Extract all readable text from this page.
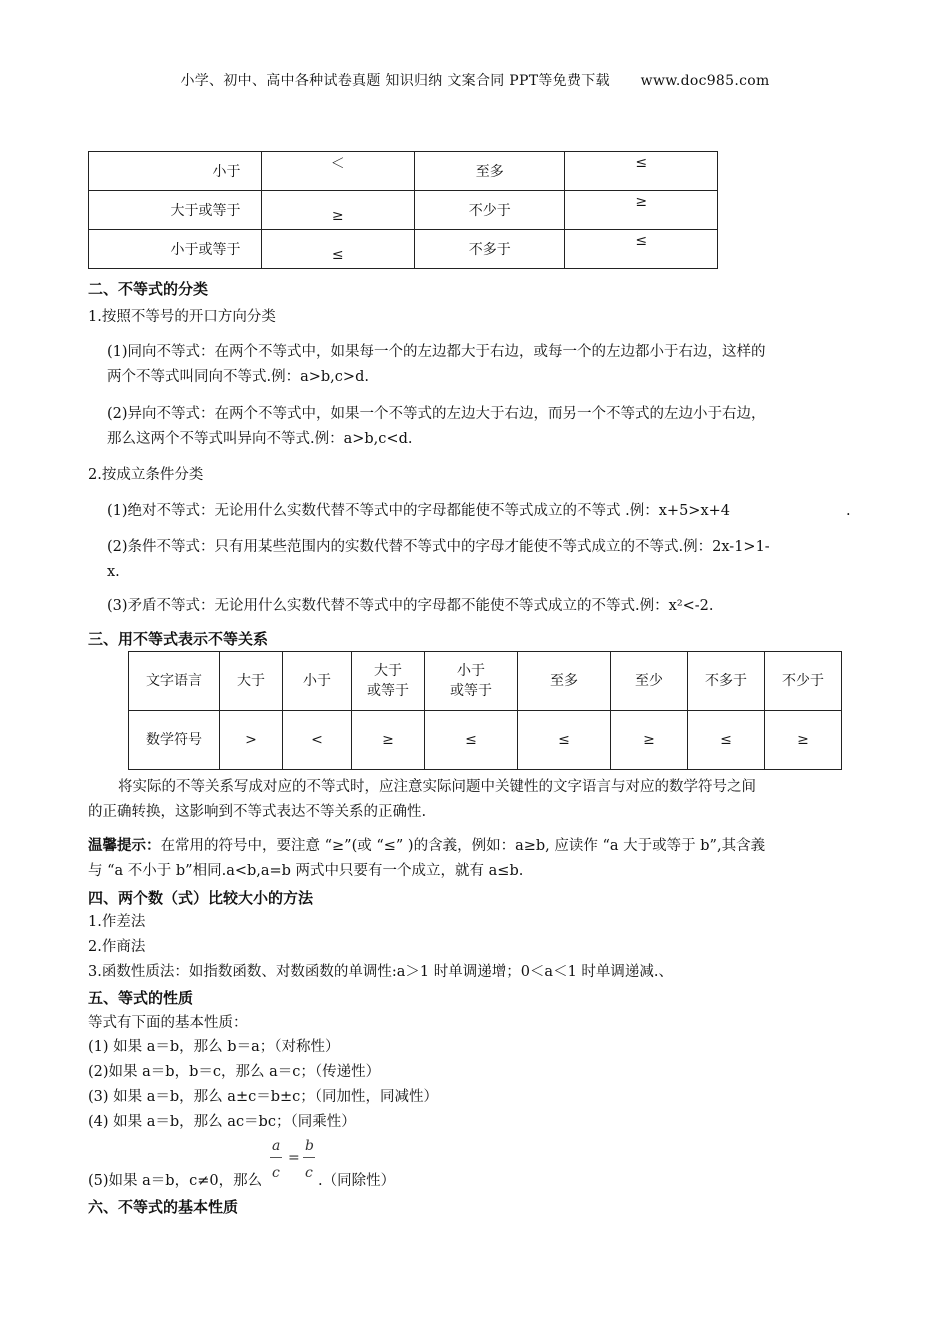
小学、初中、高中各种试卷真题 知识归纳 文案合同 PPT等免费下载 www.doc985.com
小于	＜	至多	≤
大于或等于	≥	不少于	≥
小于或等于	≤	不多于	≤
二、不等式的分类
1.按照不等号的开口方向分类
(1)同向不等式：在两个不等式中，如果每一个的左边都大于右边，或每一个的左边都小于右边，这样的
两个不等式叫同向不等式.例：a>b,c>d.
(2)异向不等式：在两个不等式中，如果一个不等式的左边大于右边，而另一个不等式的左边小于右边，
那么这两个不等式叫异向不等式.例：a>b,c<d.
2.按成立条件分类
(1)绝对不等式：无论用什么实数代替不等式中的字母都能使不等式成立的不等式 .例：x+5>x+4	.
(2)条件不等式：只有用某些范围内的实数代替不等式中的字母才能使不等式成立的不等式.例：2x-1>1-
x.
(3)矛盾不等式：无论用什么实数代替不等式中的字母都不能使不等式成立的不等式.例：x²<-2.
三、用不等式表示不等关系
文字语言	大于	小于	大于
或等于	小于
或等于	至多	至少	不多于	不少于
数学符号	>	<	≥	≤	≤	≥	≤	≥
将实际的不等关系写成对应的不等式时，应注意实际问题中关键性的文字语言与对应的数学符号之间
的正确转换，这影响到不等式表达不等关系的正确性.
温馨提示：在常用的符号中，要注意 “≥”(或 “≤” )的含義，例如：a≥b, 应读作 “a 大于或等于 b”,其含義
与 “a 不小于 b”相同.a<b,a=b 两式中只要有一个成立，就有 a≤b.
四、两个数（式）比较大小的方法
1.作差法
2.作商法
3.函数性质法：如指数函数、对数函数的单调性:a＞1 时单调递增；0＜a＜1 时单调递减.、
五、等式的性质
等式有下面的基本性质：
(1) 如果 a＝b，那么 b＝a；（对称性）
(2)如果 a＝b，b＝c，那么 a＝c；（传递性）
(3) 如果 a＝b，那么 a±c＝b±c；（同加性，同减性）
(4) 如果 a＝b，那么 ac＝bc；（同乘性）
a
c
=
b
c
(5)如果 a＝b，c≠0，那么	.（同除性）
六、不等式的基本性质
